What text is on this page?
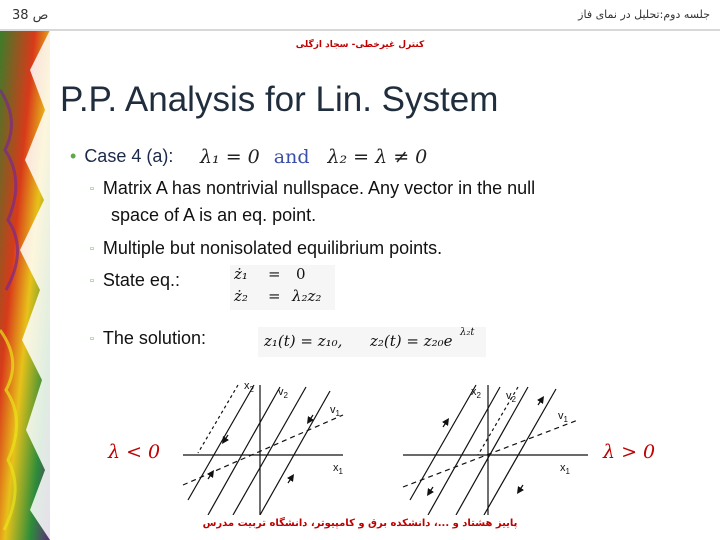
جلسه دوم:تحلیل در نمای فاز
ص 38
کنترل غیرخطی- سجاد ازگلی
P.P. Analysis for Lin. System
• Case 4 (a): λ₁ = 0 and λ₂ = λ ≠ 0
▫ Matrix A has nontrivial nullspace. Any vector in the null
space of A is an eq. point.
▫ Multiple but nonisolated equilibrium points.
▫ State eq.:	ż₁ = 0
ż₂ = λ₂z₂
▫ The solution:	z₁(t) = z₁₀, z₂(t) = z₂₀e λ₂t
$x_2$ $v_2$
$v_1$
$x_1$
$x_2$ $v_2$
$v_1$
$x_1$
λ < 0	λ > 0
پاییز هشتاد و ...، دانشکده برق و کامپیوتر، دانشگاه تربیت مدرس
